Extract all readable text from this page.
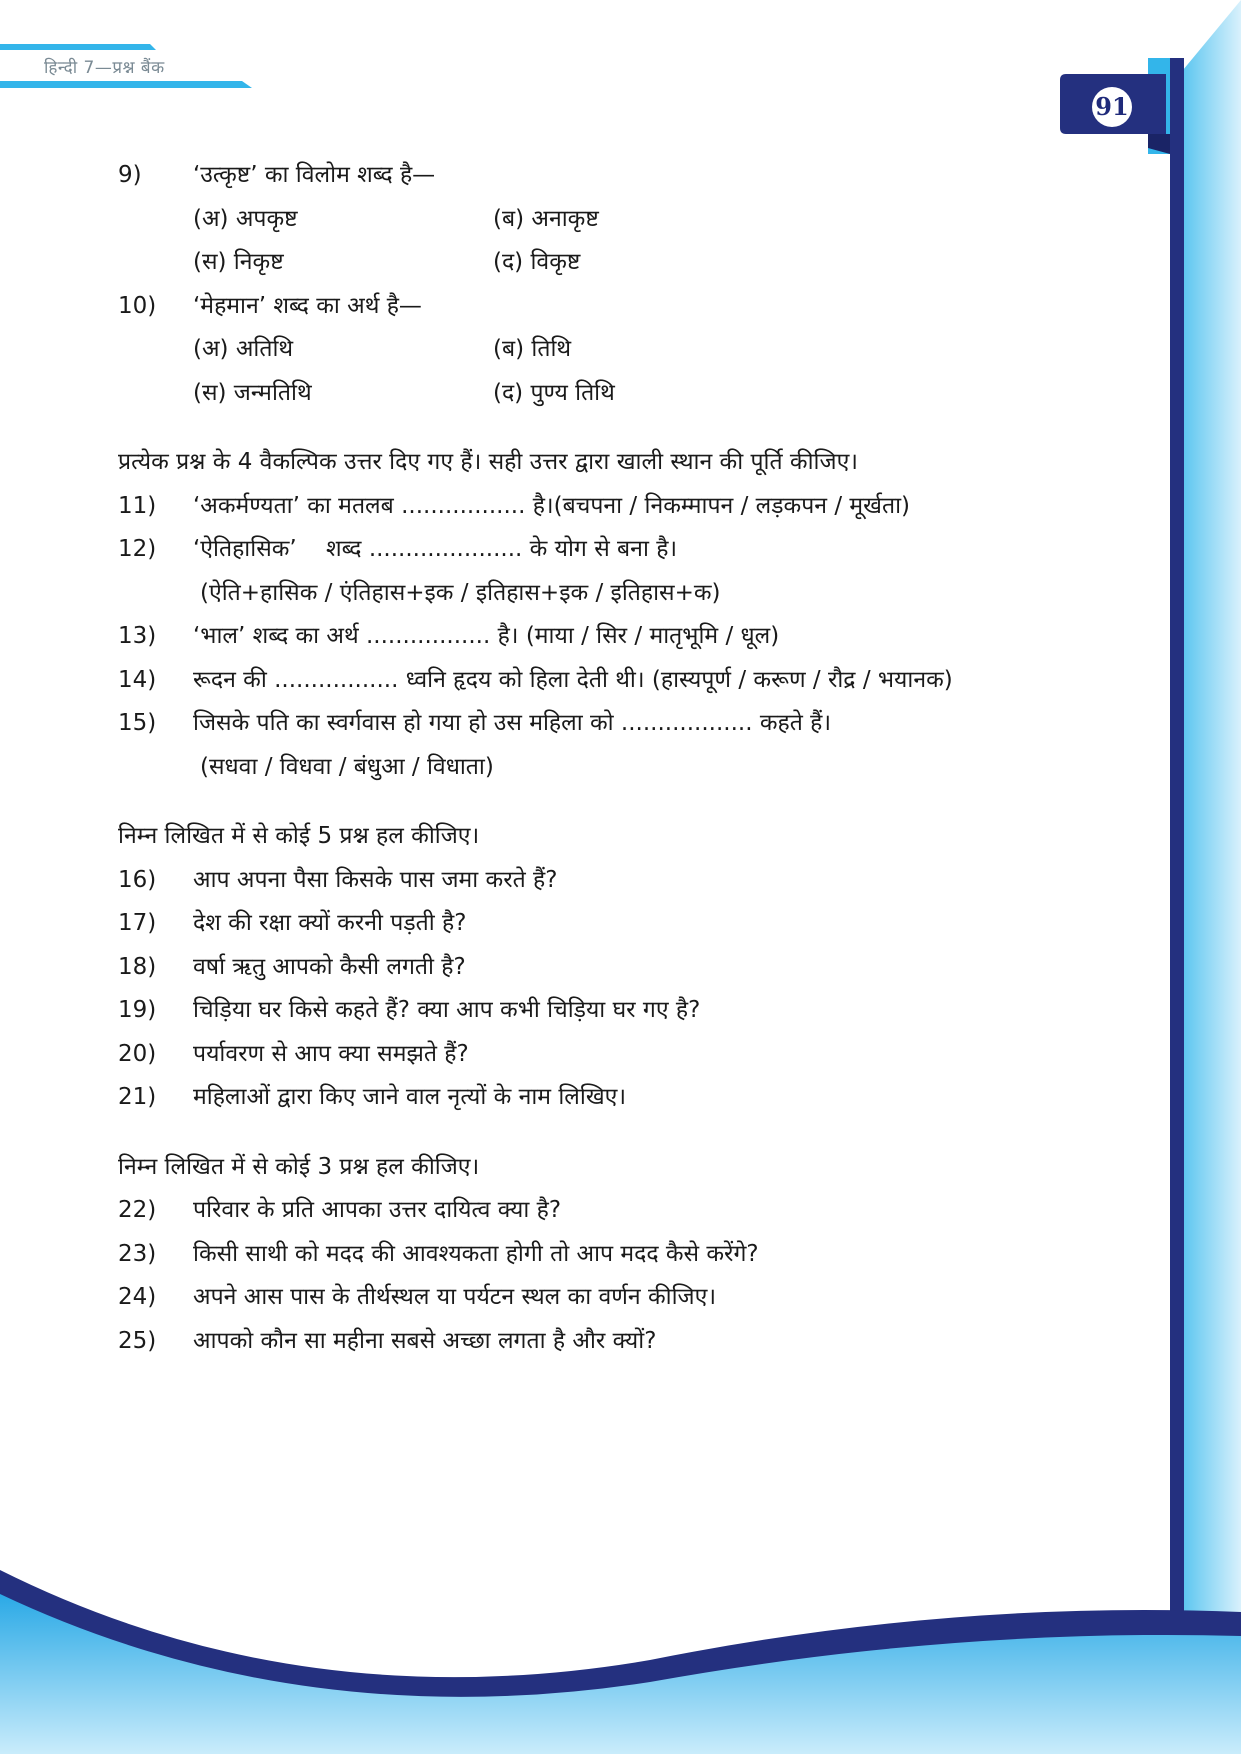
हिन्दी 7—प्रश्न बैंक
91
9)	‘उत्कृष्ट’ का विलोम शब्द है—
(अ) अपकृष्ट	(ब) अनाकृष्ट
(स) निकृष्ट	(द) विकृष्ट
10)	‘मेहमान’ शब्द का अर्थ है—
(अ) अतिथि	(ब) तिथि
(स) जन्मतिथि	(द) पुण्य तिथि
प्रत्येक प्रश्न के 4 वैकल्पिक उत्तर दिए गए हैं। सही उत्तर द्वारा खाली स्थान की पूर्ति कीजिए।
11)	‘अकर्मण्यता’ का मतलब ................. है।(बचपना / निकम्मापन / लड़कपन / मूर्खता)
12)	‘ऐतिहासिक’    शब्द ..................... के योग से बना है।
(ऐति+हासिक / एंतिहास+इक / इतिहास+इक / इतिहास+क)
13)	‘भाल’ शब्द का अर्थ ................. है। (माया / सिर / मातृभूमि / धूल)
14)	रूदन की ................. ध्वनि हृदय को हिला देती थी। (हास्यपूर्ण / करूण / रौद्र / भयानक)
15)	जिसके पति का स्वर्गवास हो गया हो उस महिला को .................. कहते हैं।
(सधवा / विधवा / बंधुआ / विधाता)
निम्न लिखित में से कोई 5 प्रश्न हल कीजिए।
16)	आप अपना पैसा किसके पास जमा करते हैं?
17)	देश की रक्षा क्यों करनी पड़ती है?
18)	वर्षा ऋतु आपको कैसी लगती है?
19)	चिड़िया घर किसे कहते हैं? क्या आप कभी चिड़िया घर गए है?
20)	पर्यावरण से आप क्या समझते हैं?
21)	महिलाओं द्वारा किए जाने वाल नृत्यों के नाम लिखिए।
निम्न लिखित में से कोई 3 प्रश्न हल कीजिए।
22)	परिवार के प्रति आपका उत्तर दायित्व क्या है?
23)	किसी साथी को मदद की आवश्यकता होगी तो आप मदद कैसे करेंगे?
24)	अपने आस पास के तीर्थस्थल या पर्यटन स्थल का वर्णन कीजिए।
25)	आपको कौन सा महीना सबसे अच्छा लगता है और क्यों?
